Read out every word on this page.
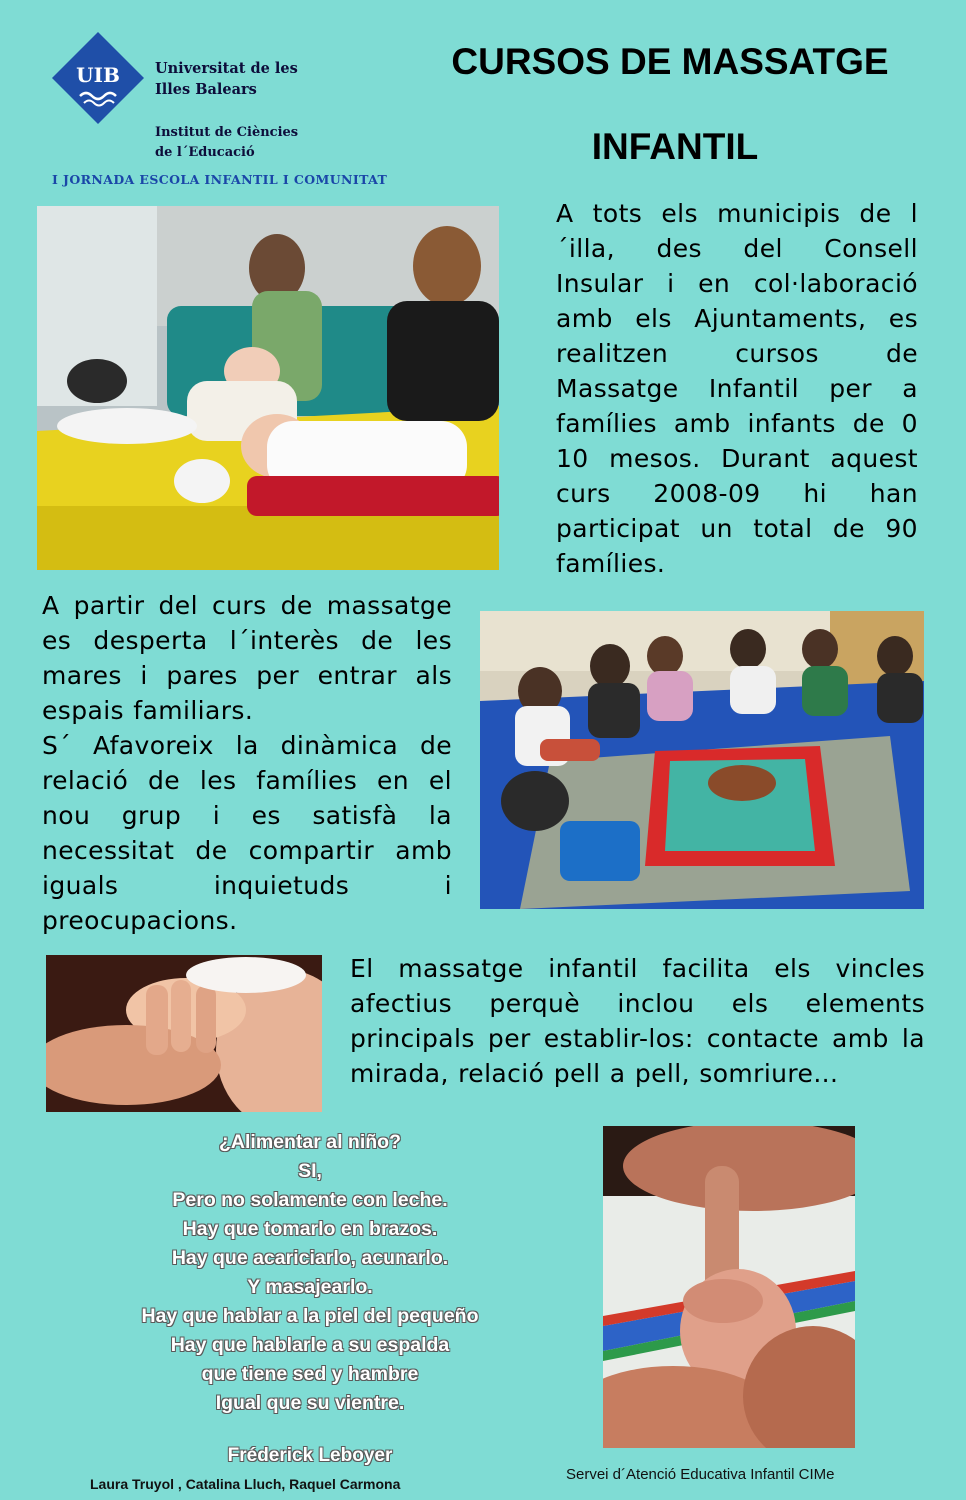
UIB Universitat de les
Illes Balears
Institut de Ciències
de l´Educació
I JORNADA ESCOLA INFANTIL I COMUNITAT
CURSOS DE MASSATGE
INFANTIL
A tots els municipis de l´illa, des del Consell Insular i en col·laboració amb els Ajuntaments, es realitzen cursos de Massatge Infantil per a famílies amb infants de 0 10 mesos. Durant aquest curs 2008-09 hi han participat un total de 90 famílies.
A partir del curs de massatge es desperta l´interès de les mares i pares per entrar als espais familiars.
S´ Afavoreix la dinàmica de relació de les famílies en el nou grup i es satisfà la necessitat de compartir amb iguals inquietuds i preocupacions.
El massatge infantil facilita els vincles afectius perquè inclou els elements principals per establir-los: contacte amb la mirada, relació pell a pell, somriure...
¿Alimentar al niño?
SI,
Pero no solamente con leche.
Hay que tomarlo en brazos.
Hay que acariciarlo, acunarlo.
Y masajearlo.
Hay que hablar a la piel del pequeño
Hay que hablarle a su espalda
que tiene sed y hambre
Igual que su vientre.
Fréderick Leboyer
Laura Truyol , Catalina Lluch, Raquel Carmona
Servei d´Atenció Educativa Infantil CIMe
